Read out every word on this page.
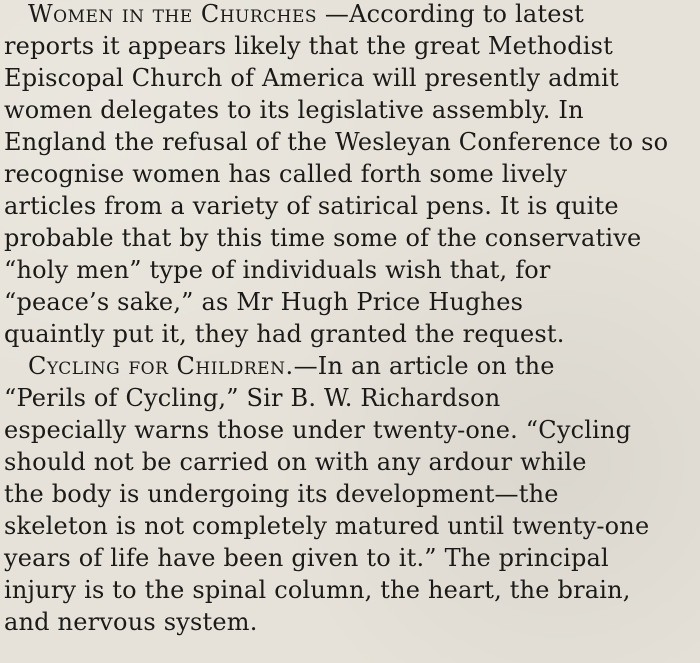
Women in the Churches —According to latest
reports it appears likely that the great Methodist
Episcopal Church of America will presently admit
women delegates to its legislative assembly. In
England the refusal of the Wesleyan Conference to so
recognise women has called forth some lively
articles from a variety of satirical pens. It is quite
probable that by this time some of the conservative
“holy men” type of individuals wish that, for
“peace’s sake,” as Mr Hugh Price Hughes
quaintly put it, they had granted the request.
Cycling for Children.—In an article on the
“Perils of Cycling,” Sir B. W. Richardson
especially warns those under twenty-one. “Cycling
should not be carried on with any ardour while
the body is undergoing its development—the
skeleton is not completely matured until twenty-one
years of life have been given to it.” The principal
injury is to the spinal column, the heart, the brain,
and nervous system.
